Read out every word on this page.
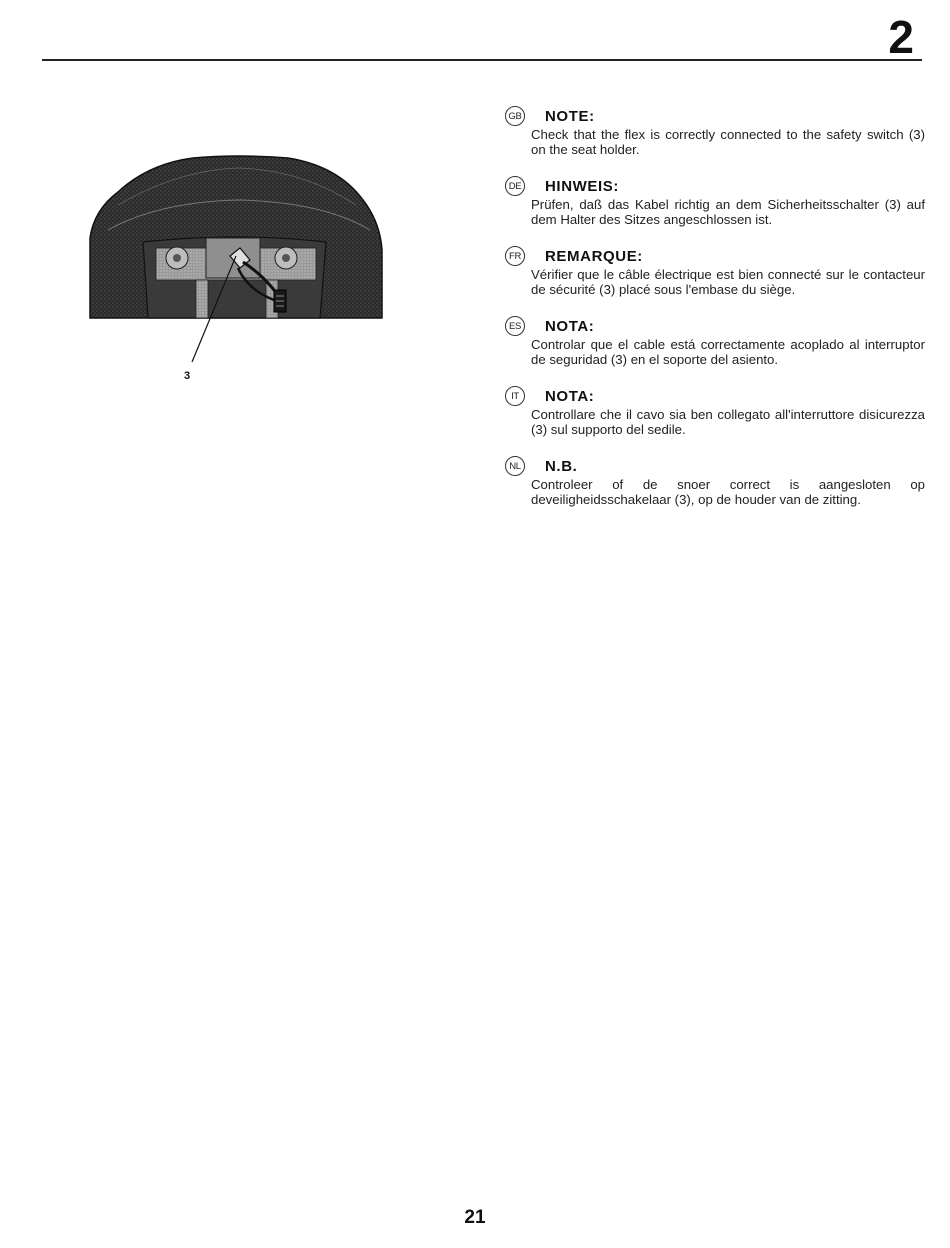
2
3
GB NOTE:
Check that the flex is correctly connected to the safety switch (3) on the seat holder.
DE HINWEIS:
Prüfen, daß das Kabel richtig an dem Sicherheitsschalter (3) auf dem Halter des Sitzes angeschlossen ist.
FR REMARQUE:
Vérifier que le câble électrique est bien connecté sur le contacteur de sécurité (3) placé sous l'embase du siège.
ES NOTA:
Controlar que el cable está correctamente acoplado al interruptor de seguridad (3) en el soporte del asiento.
IT	NOTA:
Controllare che il cavo sia ben collegato all'interruttore disicurezza (3) sul supporto del sedile.
NL N.B.
Controleer of de snoer correct is aangesloten op deveiligheidsschakelaar (3), op de houder van de zitting.
21
